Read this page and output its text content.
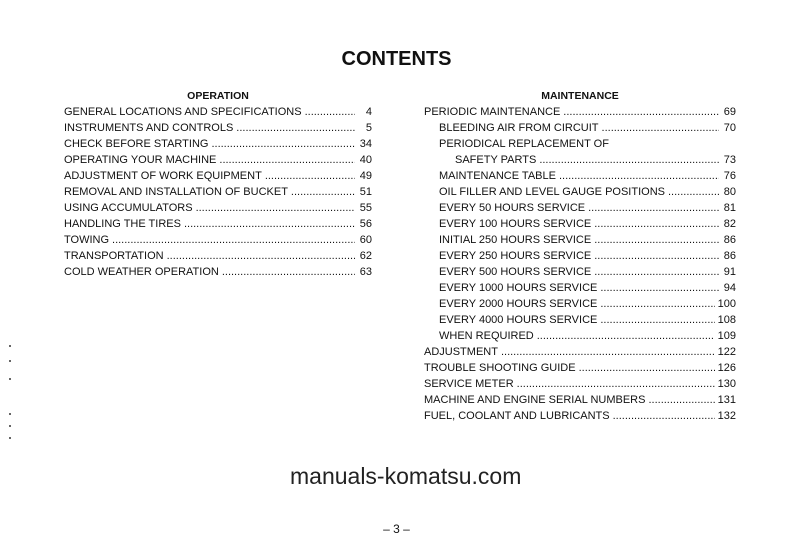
CONTENTS
OPERATION
GENERAL LOCATIONS AND SPECIFICATIONS .....	4
INSTRUMENTS AND CONTROLS .....	5
CHECK BEFORE STARTING .....	34
OPERATING YOUR MACHINE .....	40
ADJUSTMENT OF WORK EQUIPMENT .....	49
REMOVAL AND INSTALLATION OF BUCKET .....	51
USING ACCUMULATORS .....	55
HANDLING THE TIRES .....	56
TOWING .....	60
TRANSPORTATION .....	62
COLD WEATHER OPERATION .....	63
MAINTENANCE
PERIODIC MAINTENANCE .....	69
BLEEDING AIR FROM CIRCUIT .....	70
PERIODICAL REPLACEMENT OF
SAFETY PARTS .....	73
MAINTENANCE TABLE .....	76
OIL FILLER AND LEVEL GAUGE POSITIONS .....	80
EVERY 50 HOURS SERVICE .....	81
EVERY 100 HOURS SERVICE .....	82
INITIAL 250 HOURS SERVICE .....	86
EVERY 250 HOURS SERVICE .....	86
EVERY 500 HOURS SERVICE .....	91
EVERY 1000 HOURS SERVICE .....	94
EVERY 2000 HOURS SERVICE .....	100
EVERY 4000 HOURS SERVICE .....	108
WHEN REQUIRED .....	109
ADJUSTMENT .....	122
TROUBLE SHOOTING GUIDE .....	126
SERVICE METER .....	130
MACHINE AND ENGINE SERIAL NUMBERS .....	131
FUEL, COOLANT AND LUBRICANTS .....	132
manuals-komatsu.com
– 3 –
